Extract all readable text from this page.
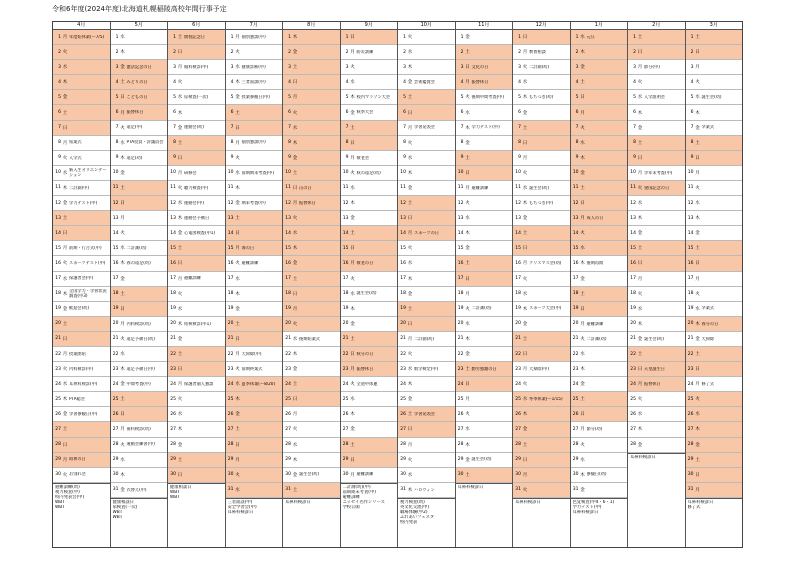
令和6年度(2024年度)北海道札幌稲陵高校年間行事予定
4月
1 月 年度始休業(～7/5)
2 火
3 水
4 木
5 金
6 土
7 日
8 月 始業式
9 火 入学式
10 水
新入生オリエンテーション
11 木 二計測(中)
12 金 学力テスト(中)
13 土
14 日
15 月 前期・行合式(中)
16 火 スポーツテスト(中)
17 水 保護者会(中)
18 木
全国学力・学習状況調査(中3)
19 金 歓迎会(幼)
20 土
21 日
22 月 授業開始
23 火 内科検診(中)
24 水 耳鼻科検診(中)
25 木 PTA総会
26 金 学習参観日(中)
27 土
28 日
29 月 昭和の日
30 火 お別れ会
避難訓練(幼)
視力検査(中)
校内発表会(中)
WBT
WBT
5月
1 水
2 木
3 金 憲法記念の日
4 土 みどりの日
5 日 こどもの日
6 月 振替休日
7 火 遠足(中)
8 水 PTA役員・評議員会
9 木 遠足(幼)
10 金
11 土
12 日
13 月
14 火
15 水 二計測(幼)
16 木 春の遠足(幼)
17 金
18 土
19 日
20 月 内科検診(幼)
21 火 遠足予備日(幼)
22 水
23 木 遠足予備日(中)
24 金 中間考査(中)
25 土
26 日
27 月 歯科検診(幼)
28 火 運動会練習(中)
29 水
30 木
31 金 衣替え(中)
健康相談日
尿検査(一次)
WBT
WBT
6月
1 土 開校記念日
2 日
3 月 眼科検診(中)
4 火
5 水 尿検査(一次)
6 木
7 金 運動会(幼)
8 土
9 日
10 月 研修会
11 火 聴力検査(中)
12 水 運動会(中)
13 木 運動会予備日
14 金 心電図検査(中1)
15 土
16 日
17 月 避難訓練
18 火
19 水
20 木 結核検診(中1)
21 金
22 土
23 日
24 月 保護者個人懇談
25 火
26 水
27 木
28 金
29 土
30 日
健康相談日
WBT
WBT
7月
1 月 個別懇談(中)
2 火
3 水 健康診断(中)
4 木 三者面談(中)
5 金 授業参観日(中)
6 土
7 日
8 月 個別懇談(中)
9 火
10 水 前期期末考査(中)
11 木
12 金 期末考査(中)
13 土
14 日
15 月 海の日
16 火 避難訓練
17 水
18 木
19 金
20 土
21 日
22 月 大掃除(中)
23 火 前期終業式
24 水 夏季休業(～8/20)
25 木
26 金
27 土
28 日
29 月
30 火
31 水
三者面談(中)
安全学習会(中)
耳鼻科検診日
8月
1 木
2 金
3 土
4 日
5 月
6 火
7 水
8 木
9 金
10 土
11 日 山の日
12 月 振替休日
13 火
14 水
15 木
16 金
17 土
18 日
19 月
20 火
21 水 後期始業式
22 木
23 金
24 土
25 日
26 月
27 火
28 水
29 木
30 金 誕生会(幼)
31 土
耳鼻科検診日
9月
1 日
2 月 防災訓練
3 火
4 水
5 木 校内マラソン大会
6 金 秋季大会
7 土
8 日
9 月 敬老会
10 火 秋の遠足(幼)
11 水
12 木
13 金
14 土
15 日
16 月 敬老の日
17 火
18 水 誕生会(幼)
19 木
20 金
21 土
22 日 秋分の日
23 月 振替休日
24 火 全道中体連
25 水
26 木
27 金
28 土
29 日
30 月 避難訓練
二計測(幼)(中)
前期期末考査(中)
避難訓練
ニッセイ名作シリーズ
学校公開
10月
1 火
2 水
3 木
4 金 芸術鑑賞会
5 土
6 日
7 月 学習発表会
8 火
9 水
10 木
11 金
12 土
13 日
14 月 スポーツの日
15 火
16 水
17 木
18 金
19 土
20 日
21 月 二計測(幼)
22 火
23 水 数学検定(中)
24 木
25 金
26 土 学習発表会
27 日
28 月
29 火
30 水
31 木 ハロウィン
視力検査(幼)
英文化交流(中)
職場体験(中2)
ふれあいフェスタ
校内発表
11月
1 金
2 土
3 日 文化の日
4 月 振替休日
5 火 後期中間考査(中)
6 水
7 木 学力テスト(中)
8 金
9 土
10 日
11 月 避難訓練
12 火
13 水
14 木
15 金
16 土
17 日
18 月
19 火 二計測(幼)
20 水
21 木
22 金
23 土 勤労感謝の日
24 日
25 月
26 火
27 水
28 木
29 金 誕生会(幼)
30 土
耳鼻科検診日
12月
1 日
2 月 教育相談
3 火 二計測(幼)
4 水
5 木 もちつき(幼)
6 金
7 土
8 日
9 月
10 火
11 水 誕生会(幼)
12 木 もちつき(中)
13 金
14 土
15 日
16 月 クリスマス会(幼)
17 火
18 水
19 木 スポーツ大会(中)
20 金
21 土
22 日
23 月 大掃除(中)
24 火
25 水 冬季休業(～1/15)
26 木
27 金
28 土
29 日
30 月
31 火
耳鼻科検診日
1月
1 水 元旦
2 木
3 金
4 土
5 日
6 月
7 火
8 水
9 木
10 金
11 土
12 日
13 月 成人の日
14 火
15 水
16 木 後期再開
17 金
18 土
19 日
20 月 避難訓練
21 火 二計測(幼)
22 水
23 木
24 金
25 土
26 日
27 月 節分(幼)
28 火
29 水
30 木 参観日(幼)
31 金
色覚検査(中4・6・1)
学力テスト(中)
耳鼻科検診日
2月
1 土
2 日
3 月 節分(中)
4 火
5 水 入学説明会
6 木
7 金
8 土
9 日
10 月 学年末考査(中)
11 火 建国記念の日
12 水
13 木
14 金
15 土
16 日
17 月
18 火
19 水
20 木
21 金 誕生会(幼)
22 土
23 日 天皇誕生日
24 月 振替休日
25 火
26 水
27 木
28 金
耳鼻科検診日
3月
1 土
2 日
3 月
4 火
5 水 誕生会(幼)
6 木
7 金 卒業式
8 土
9 日
10 月
11 火
12 水
13 木
14 金
15 土
16 日
17 月
18 火
19 水 卒業式
20 木 春分の日
21 金 大掃除
22 土
23 日
24 月 修了式
25 火
26 水
27 木
28 金
29 土
30 日
31 月
耳鼻科検診日
修了式
